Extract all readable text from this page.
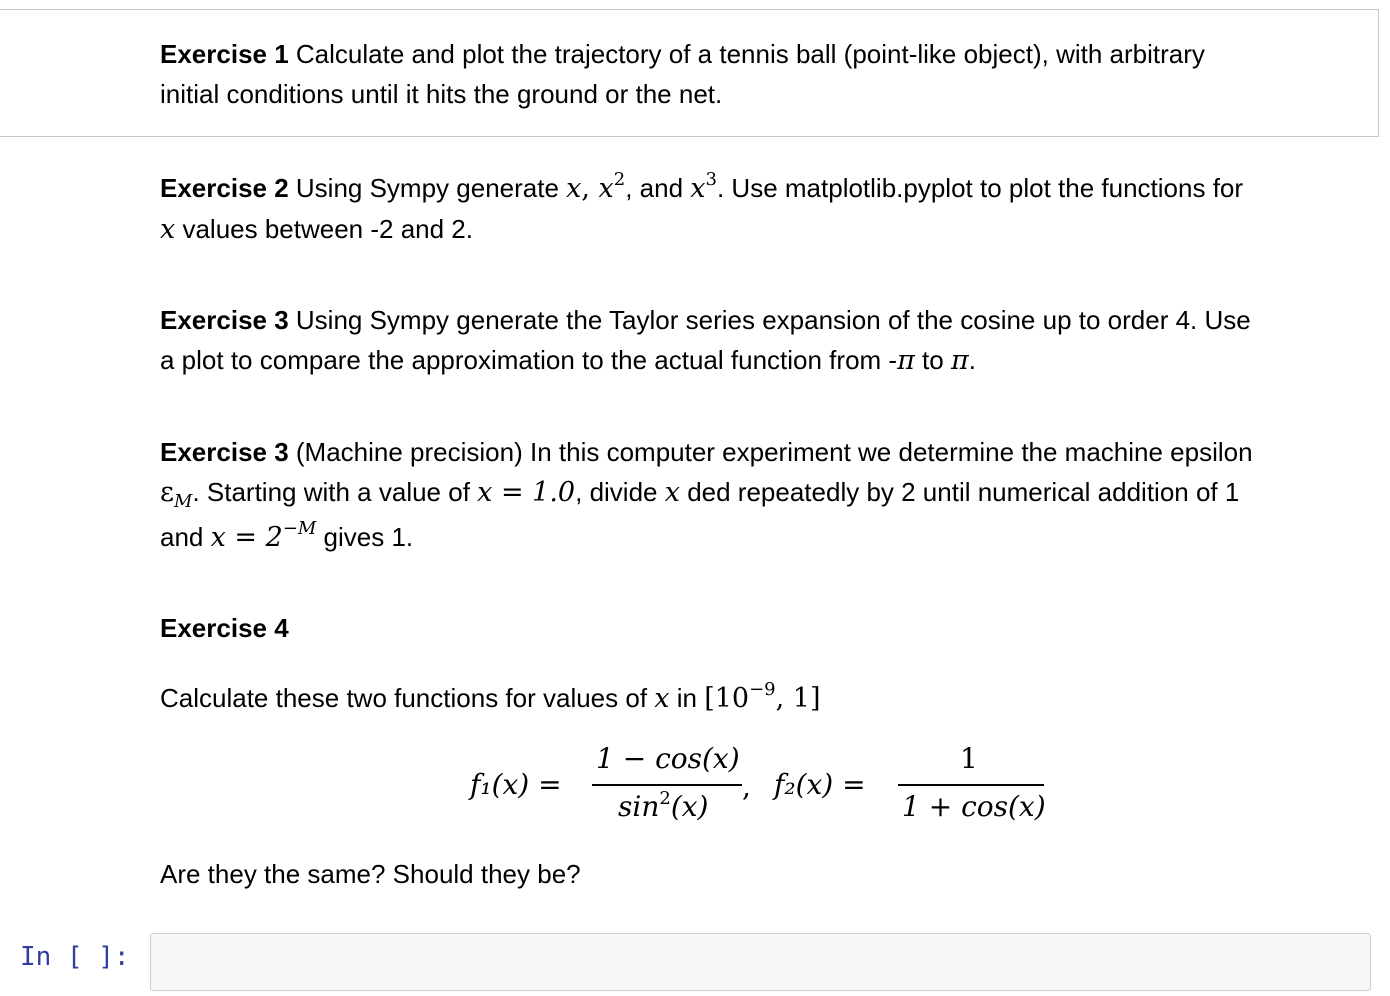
Exercise 1 Calculate and plot the trajectory of a tennis ball (point-like object), with arbitrary
initial conditions until it hits the ground or the net.
Exercise 2 Using Sympy generate x, $x^2$, and $x^3$. Use matplotlib.pyplot to plot the functions for
x values between -2 and 2.
Exercise 3 Using Sympy generate the Taylor series expansion of the cosine up to order 4. Use
a plot to compare the approximation to the actual function from -π to π.
Exercise 3 (Machine precision) In this computer experiment we determine the machine epsilon
$\varepsilon_M$. Starting with a value of x = 1.0, divide x ded repeatedly by 2 until numerical addition of 1
and $x = 2^{-M}$ gives 1.
Exercise 4
Calculate these two functions for values of x in [$10^{-9}$, 1]
f₁(x) =
1 − cos(x)
$\sin^2(x)$
, f₂(x) =
1
1 + cos(x)
Are they the same? Should they be?
In [ ]:
